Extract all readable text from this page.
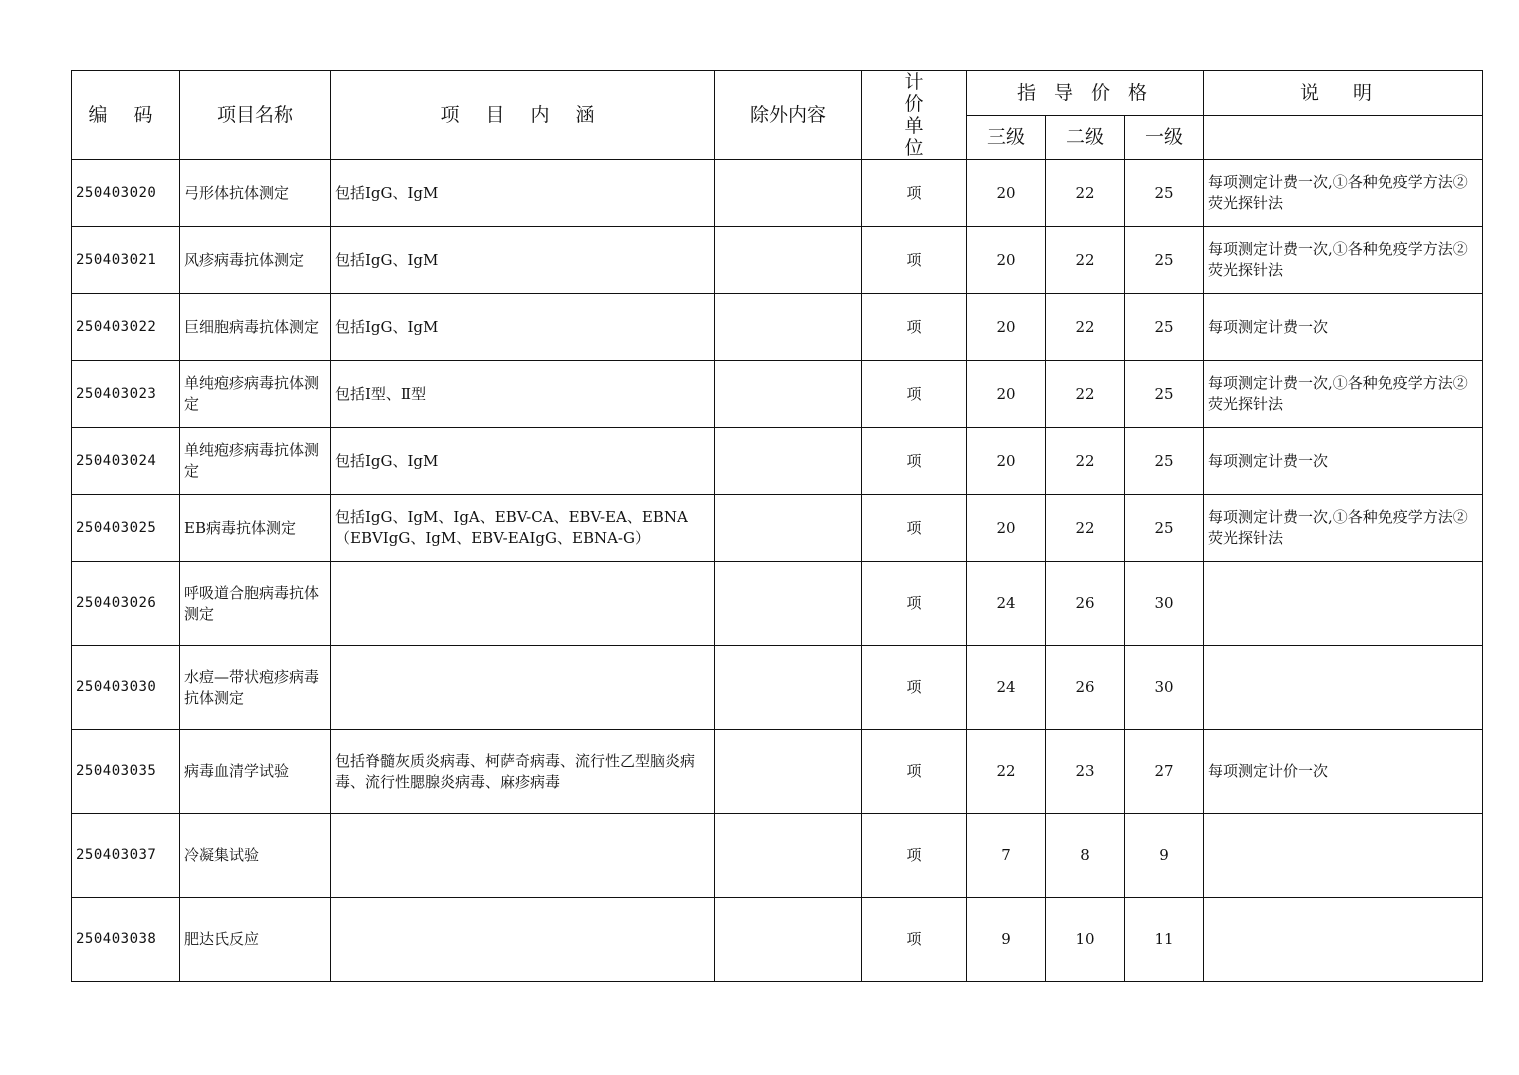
编 码	项目名称	项 目 内 涵	除外内容	计价单位	指 导 价 格			说 明
					三级	二级	一级	
250403020	弓形体抗体测定	包括IgG、IgM		项	20	22	25	每项测定计费一次,①各种免疫学方法②荧光探针法
250403021	风疹病毒抗体测定	包括IgG、IgM		项	20	22	25	每项测定计费一次,①各种免疫学方法②荧光探针法
250403022	巨细胞病毒抗体测定	包括IgG、IgM		项	20	22	25	每项测定计费一次
250403023	单纯疱疹病毒抗体测定	包括Ⅰ型、Ⅱ型		项	20	22	25	每项测定计费一次,①各种免疫学方法②荧光探针法
250403024	单纯疱疹病毒抗体测定	包括IgG、IgM		项	20	22	25	每项测定计费一次
250403025	EB病毒抗体测定	包括IgG、IgM、IgA、EBV-CA、EBV-EA、EBNA（EBVIgG、IgM、EBV-EAIgG、EBNA-G）		项	20	22	25	每项测定计费一次,①各种免疫学方法②荧光探针法
250403026	呼吸道合胞病毒抗体测定			项	24	26	30	
250403030	水痘—带状疱疹病毒抗体测定			项	24	26	30	
250403035	病毒血清学试验	包括脊髓灰质炎病毒、柯萨奇病毒、流行性乙型脑炎病毒、流行性腮腺炎病毒、麻疹病毒		项	22	23	27	每项测定计价一次
250403037	冷凝集试验			项	7	8	9	
250403038	肥达氏反应			项	9	10	11	
